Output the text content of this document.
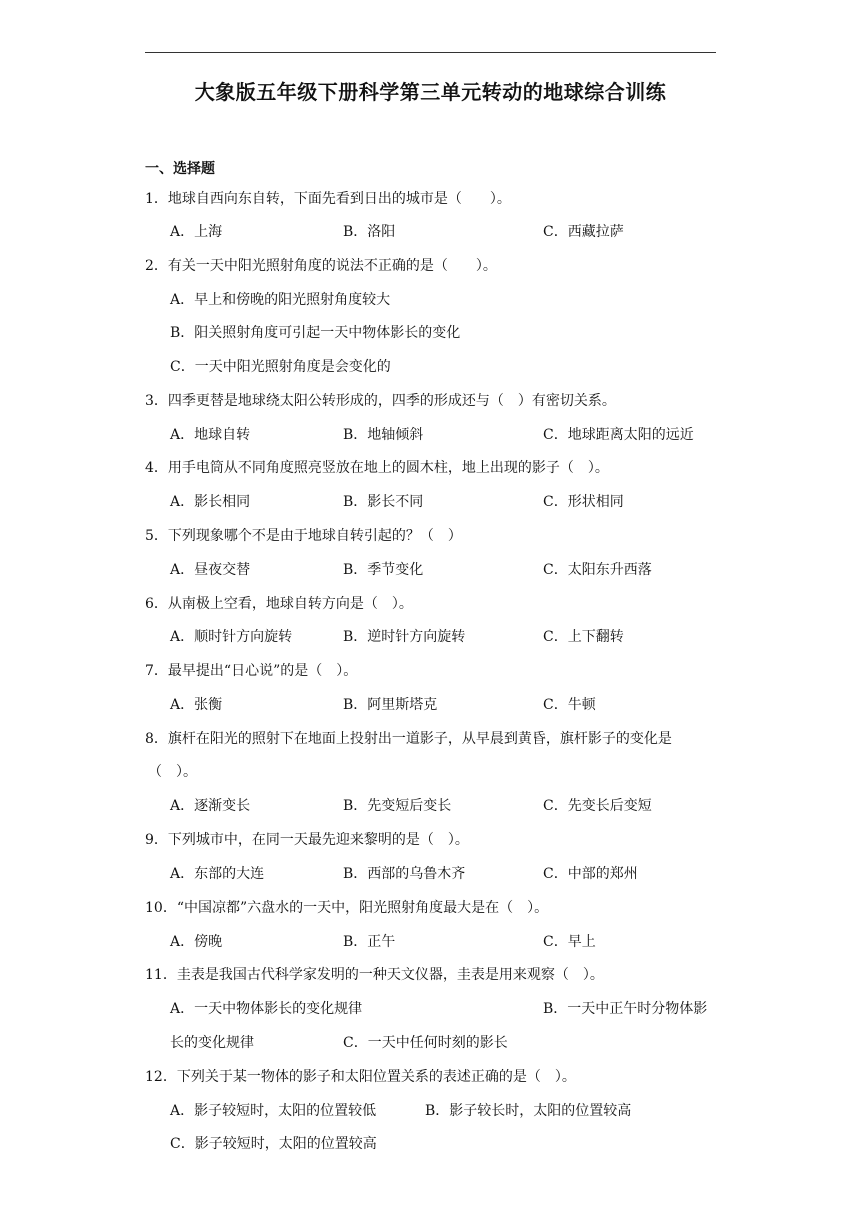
大象版五年级下册科学第三单元转动的地球综合训练
一、选择题
1．地球自西向东自转，下面先看到日出的城市是（　　）。
A．上海	B．洛阳	C．西藏拉萨
2．有关一天中阳光照射角度的说法不正确的是（　　）。
A．早上和傍晚的阳光照射角度较大
B．阳关照射角度可引起一天中物体影长的变化
C．一天中阳光照射角度是会变化的
3．四季更替是地球绕太阳公转形成的，四季的形成还与（　）有密切关系。
A．地球自转	B．地轴倾斜	C．地球距离太阳的远近
4．用手电筒从不同角度照亮竖放在地上的圆木柱，地上出现的影子（　）。
A．影长相同	B．影长不同	C．形状相同
5．下列现象哪个不是由于地球自转引起的？（　）
A．昼夜交替	B．季节变化	C．太阳东升西落
6．从南极上空看，地球自转方向是（　）。
A．顺时针方向旋转	B．逆时针方向旋转	C．上下翻转
7．最早提出“日心说”的是（　）。
A．张衡	B．阿里斯塔克	C．牛顿
8．旗杆在阳光的照射下在地面上投射出一道影子，从早晨到黄昏，旗杆影子的变化是
（　）。
A．逐渐变长	B．先变短后变长	C．先变长后变短
9．下列城市中，在同一天最先迎来黎明的是（　）。
A．东部的大连	B．西部的乌鲁木齐	C．中部的郑州
10．“中国凉都”六盘水的一天中，阳光照射角度最大是在（　）。
A．傍晚	B．正午	C．早上
11．圭表是我国古代科学家发明的一种天文仪器，圭表是用来观察（　）。
A．一天中物体影长的变化规律	B．一天中正午时分物体影
长的变化规律	C．一天中任何时刻的影长
12．下列关于某一物体的影子和太阳位置关系的表述正确的是（　）。
A．影子较短时，太阳的位置较低	B．影子较长时，太阳的位置较高
C．影子较短时，太阳的位置较高
